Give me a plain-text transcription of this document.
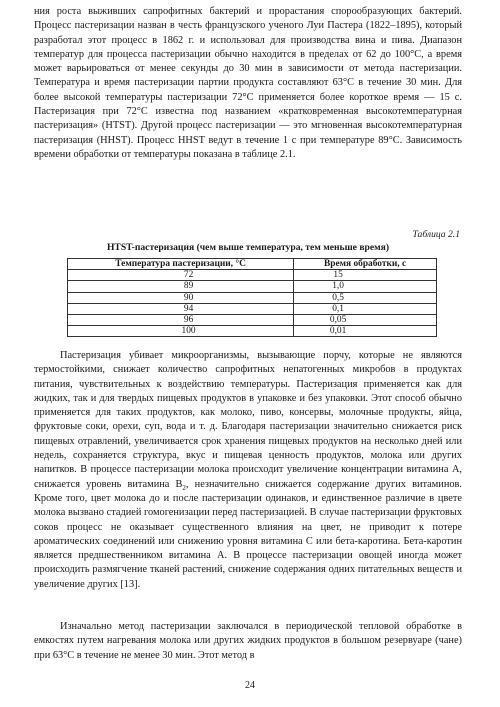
ния роста выживших сапрофитных бактерий и прорастания спорообразующих бактерий. Процесс пастеризации назван в честь французского ученого Луи Пастера (1822–1895), который разработал этот процесс в 1862 г. и использовал для производства вина и пива. Диапазон температур для процесса пастеризации обычно находится в пределах от 62 до 100°C, а время может варьироваться от менее секунды до 30 мин в зависимости от метода пастеризации. Температура и время пастеризации партии продукта составляют 63°C в течение 30 мин. Для более высокой температуры пастеризации 72°C применяется более короткое время — 15 с. Пастеризация при 72°C известна под названием «кратковременная высокотемпературная пастеризация» (HTST). Другой процесс пастеризации — это мгновенная высокотемпературная пастеризация (HHST). Процесс HHST ведут в течение 1 с при температуре 89°C. Зависимость времени обработки от температуры показана в таблице 2.1.

Таблица 2.1
HTST-пастеризация (чем выше температура, тем меньше время)
Температура пастеризации, °С	Время обработки, с
72	15
89	1,0
90	0,5
94	0,1
96	0,05
100	0,01

Пастеризация убивает микроорганизмы, вызывающие порчу, которые не являются термостойкими, снижает количество сапрофитных непатогенных микробов в продуктах питания, чувствительных к воздействию температуры. Пастеризация применяется как для жидких, так и для твердых пищевых продуктов в упаковке и без упаковки. Этот способ обычно применяется для таких продуктов, как молоко, пиво, консервы, молочные продукты, яйца, фруктовые соки, орехи, суп, вода и т. д. Благодаря пастеризации значительно снижается риск пищевых отравлений, увеличивается срок хранения пищевых продуктов на несколько дней или недель, сохраняется структура, вкус и пищевая ценность продуктов, молока или других напитков. В процессе пастеризации молока происходит увеличение концентрации витамина А, снижается уровень витамина $B_2$, незначительно снижается содержание других витаминов. Кроме того, цвет молока до и после пастеризации одинаков, и единственное различие в цвете молока вызвано стадией гомогенизации перед пастеризацией. В случае пастеризации фруктовых соков процесс не оказывает существенного влияния на цвет, не приводит к потере ароматических соединений или снижению уровня витамина С или бета-каротина. Бета-каротин является предшественником витамина А. В процессе пастеризации овощей иногда может происходить размягчение тканей растений, снижение содержания одних питательных веществ и увеличение других [13].

Изначально метод пастеризации заключался в периодической тепловой обработке в емкостях путем нагревания молока или других жидких продуктов в большом резервуаре (чане) при 63°C в течение не менее 30 мин. Этот метод в

24
